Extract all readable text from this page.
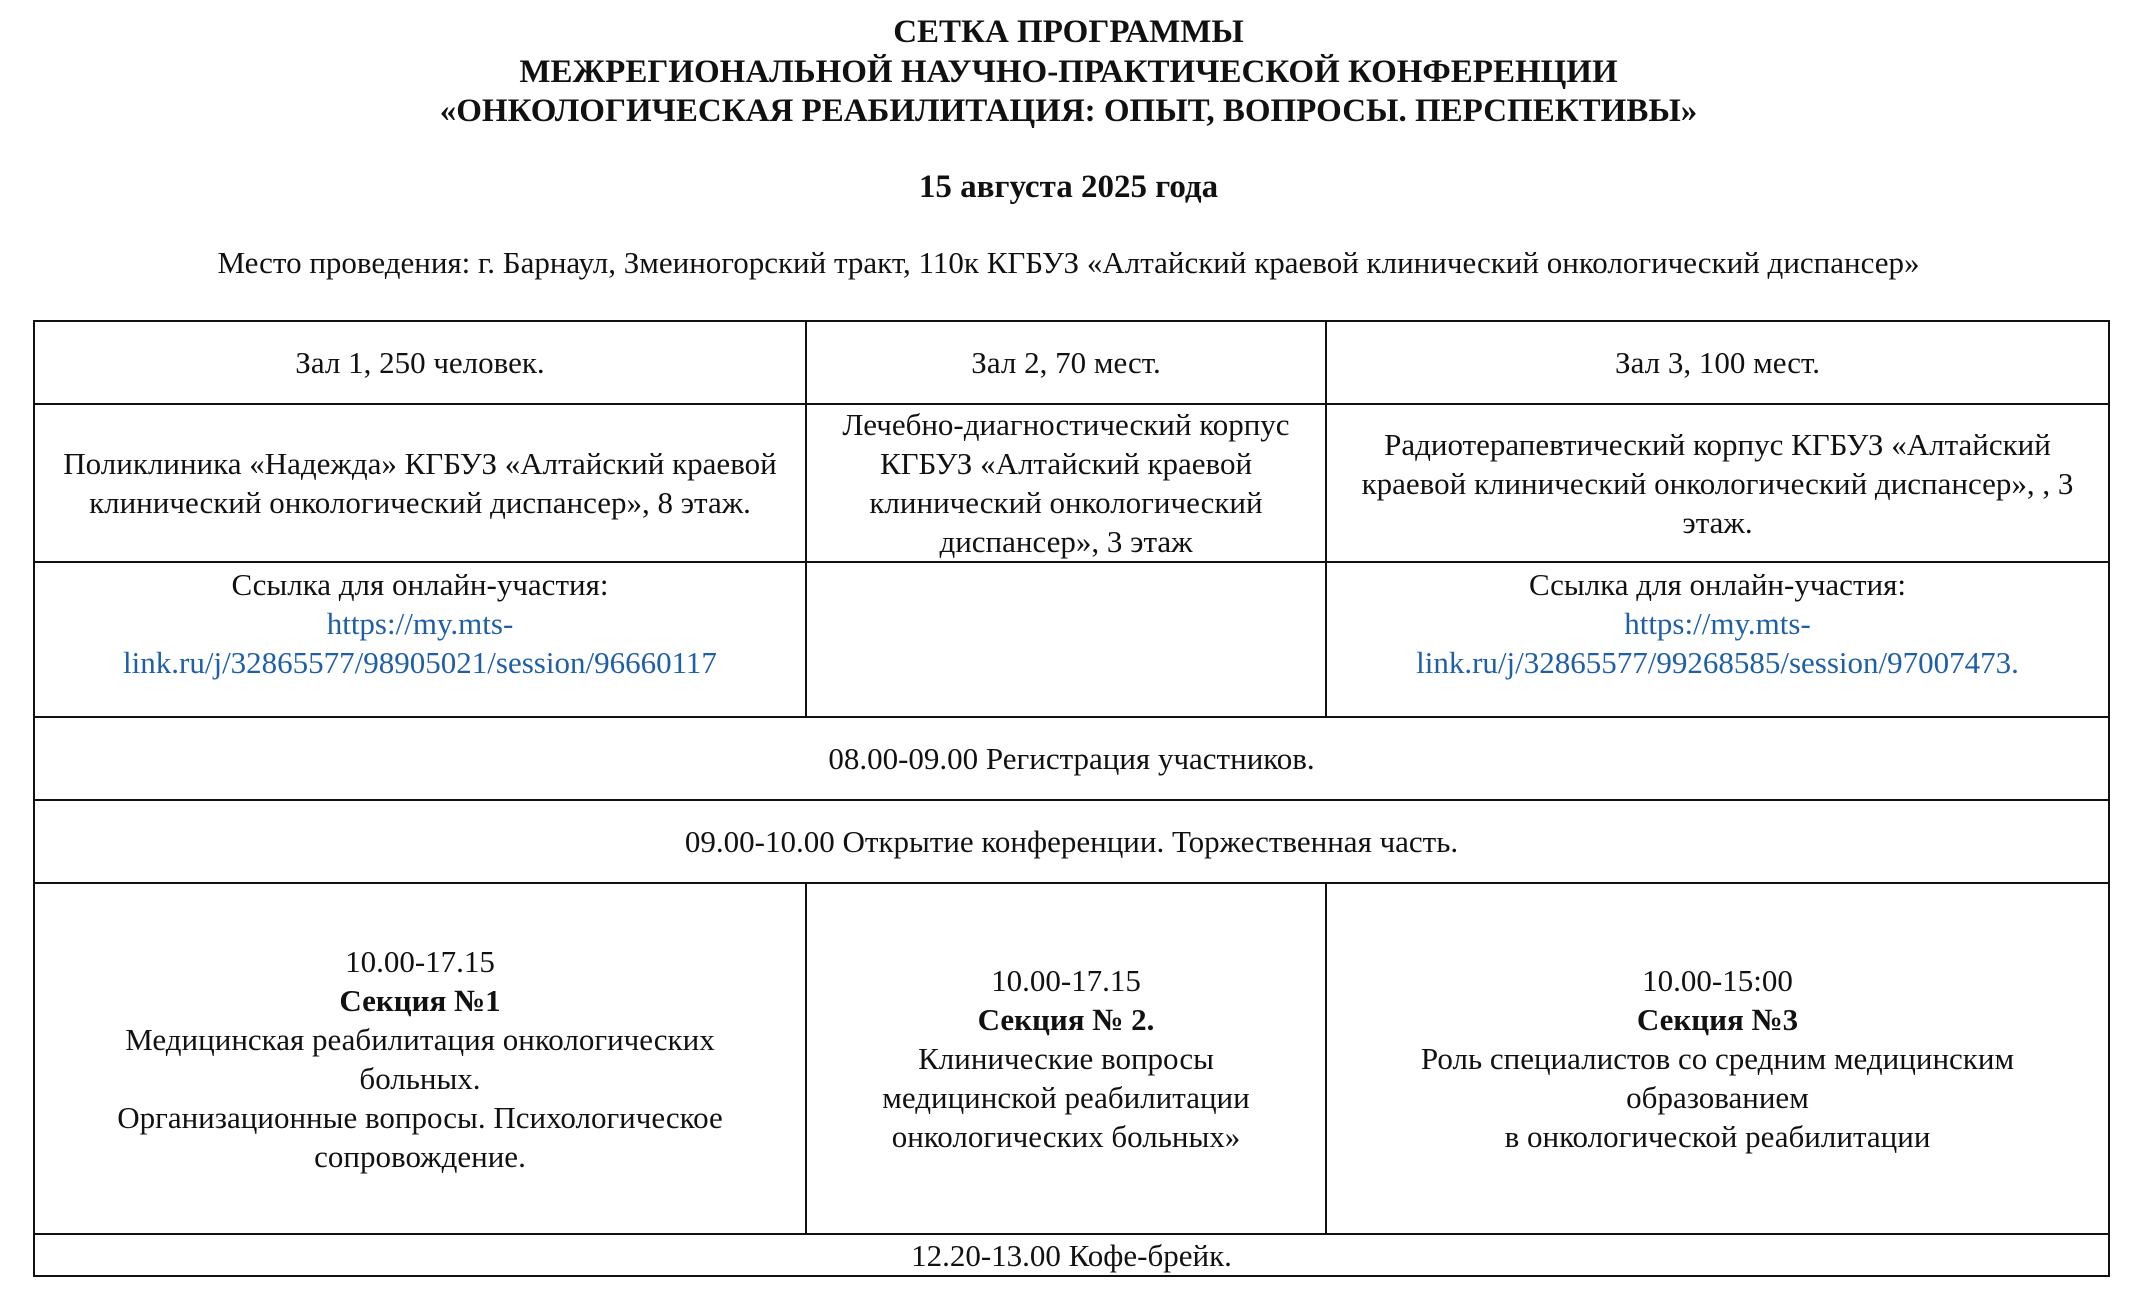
СЕТКА ПРОГРАММЫ
МЕЖРЕГИОНАЛЬНОЙ НАУЧНО-ПРАКТИЧЕСКОЙ КОНФЕРЕНЦИИ
«ОНКОЛОГИЧЕСКАЯ РЕАБИЛИТАЦИЯ: ОПЫТ, ВОПРОСЫ. ПЕРСПЕКТИВЫ»
15 августа 2025 года
Место проведения: г. Барнаул, Змеиногорский тракт, 110к КГБУЗ «Алтайский краевой клинический онкологический диспансер»
Зал 1, 250 человек.	Зал 2, 70 мест.	Зал 3, 100 мест.

Поликлиника «Надежда» КГБУЗ «Алтайский краевой клинический онкологический диспансер», 8 этаж.	Лечебно-диагностический корпус КГБУЗ «Алтайский краевой клинический онкологический диспансер», 3 этаж	Радиотерапевтический корпус КГБУЗ «Алтайский краевой клинический онкологический диспансер», , 3 этаж.

Ссылка для онлайн-участия:
https://my.mts-
link.ru/j/32865577/98905021/session/96660117		Ссылка для онлайн-участия:
https://my.mts-
link.ru/j/32865577/99268585/session/97007473.

08.00-09.00 Регистрация участников.		
09.00-10.00 Открытие конференции. Торжественная часть.		

10.00-17.15
Секция №1
Медицинская реабилитация онкологических больных.
Организационные вопросы. Психологическое сопровождение.	10.00-17.15
Секция № 2.
Клинические вопросы медицинской реабилитации онкологических больных»	10.00-15:00
Секция №3
Роль специалистов со средним медицинским образованием
в онкологической реабилитации

12.20-13.00 Кофе-брейк.		
